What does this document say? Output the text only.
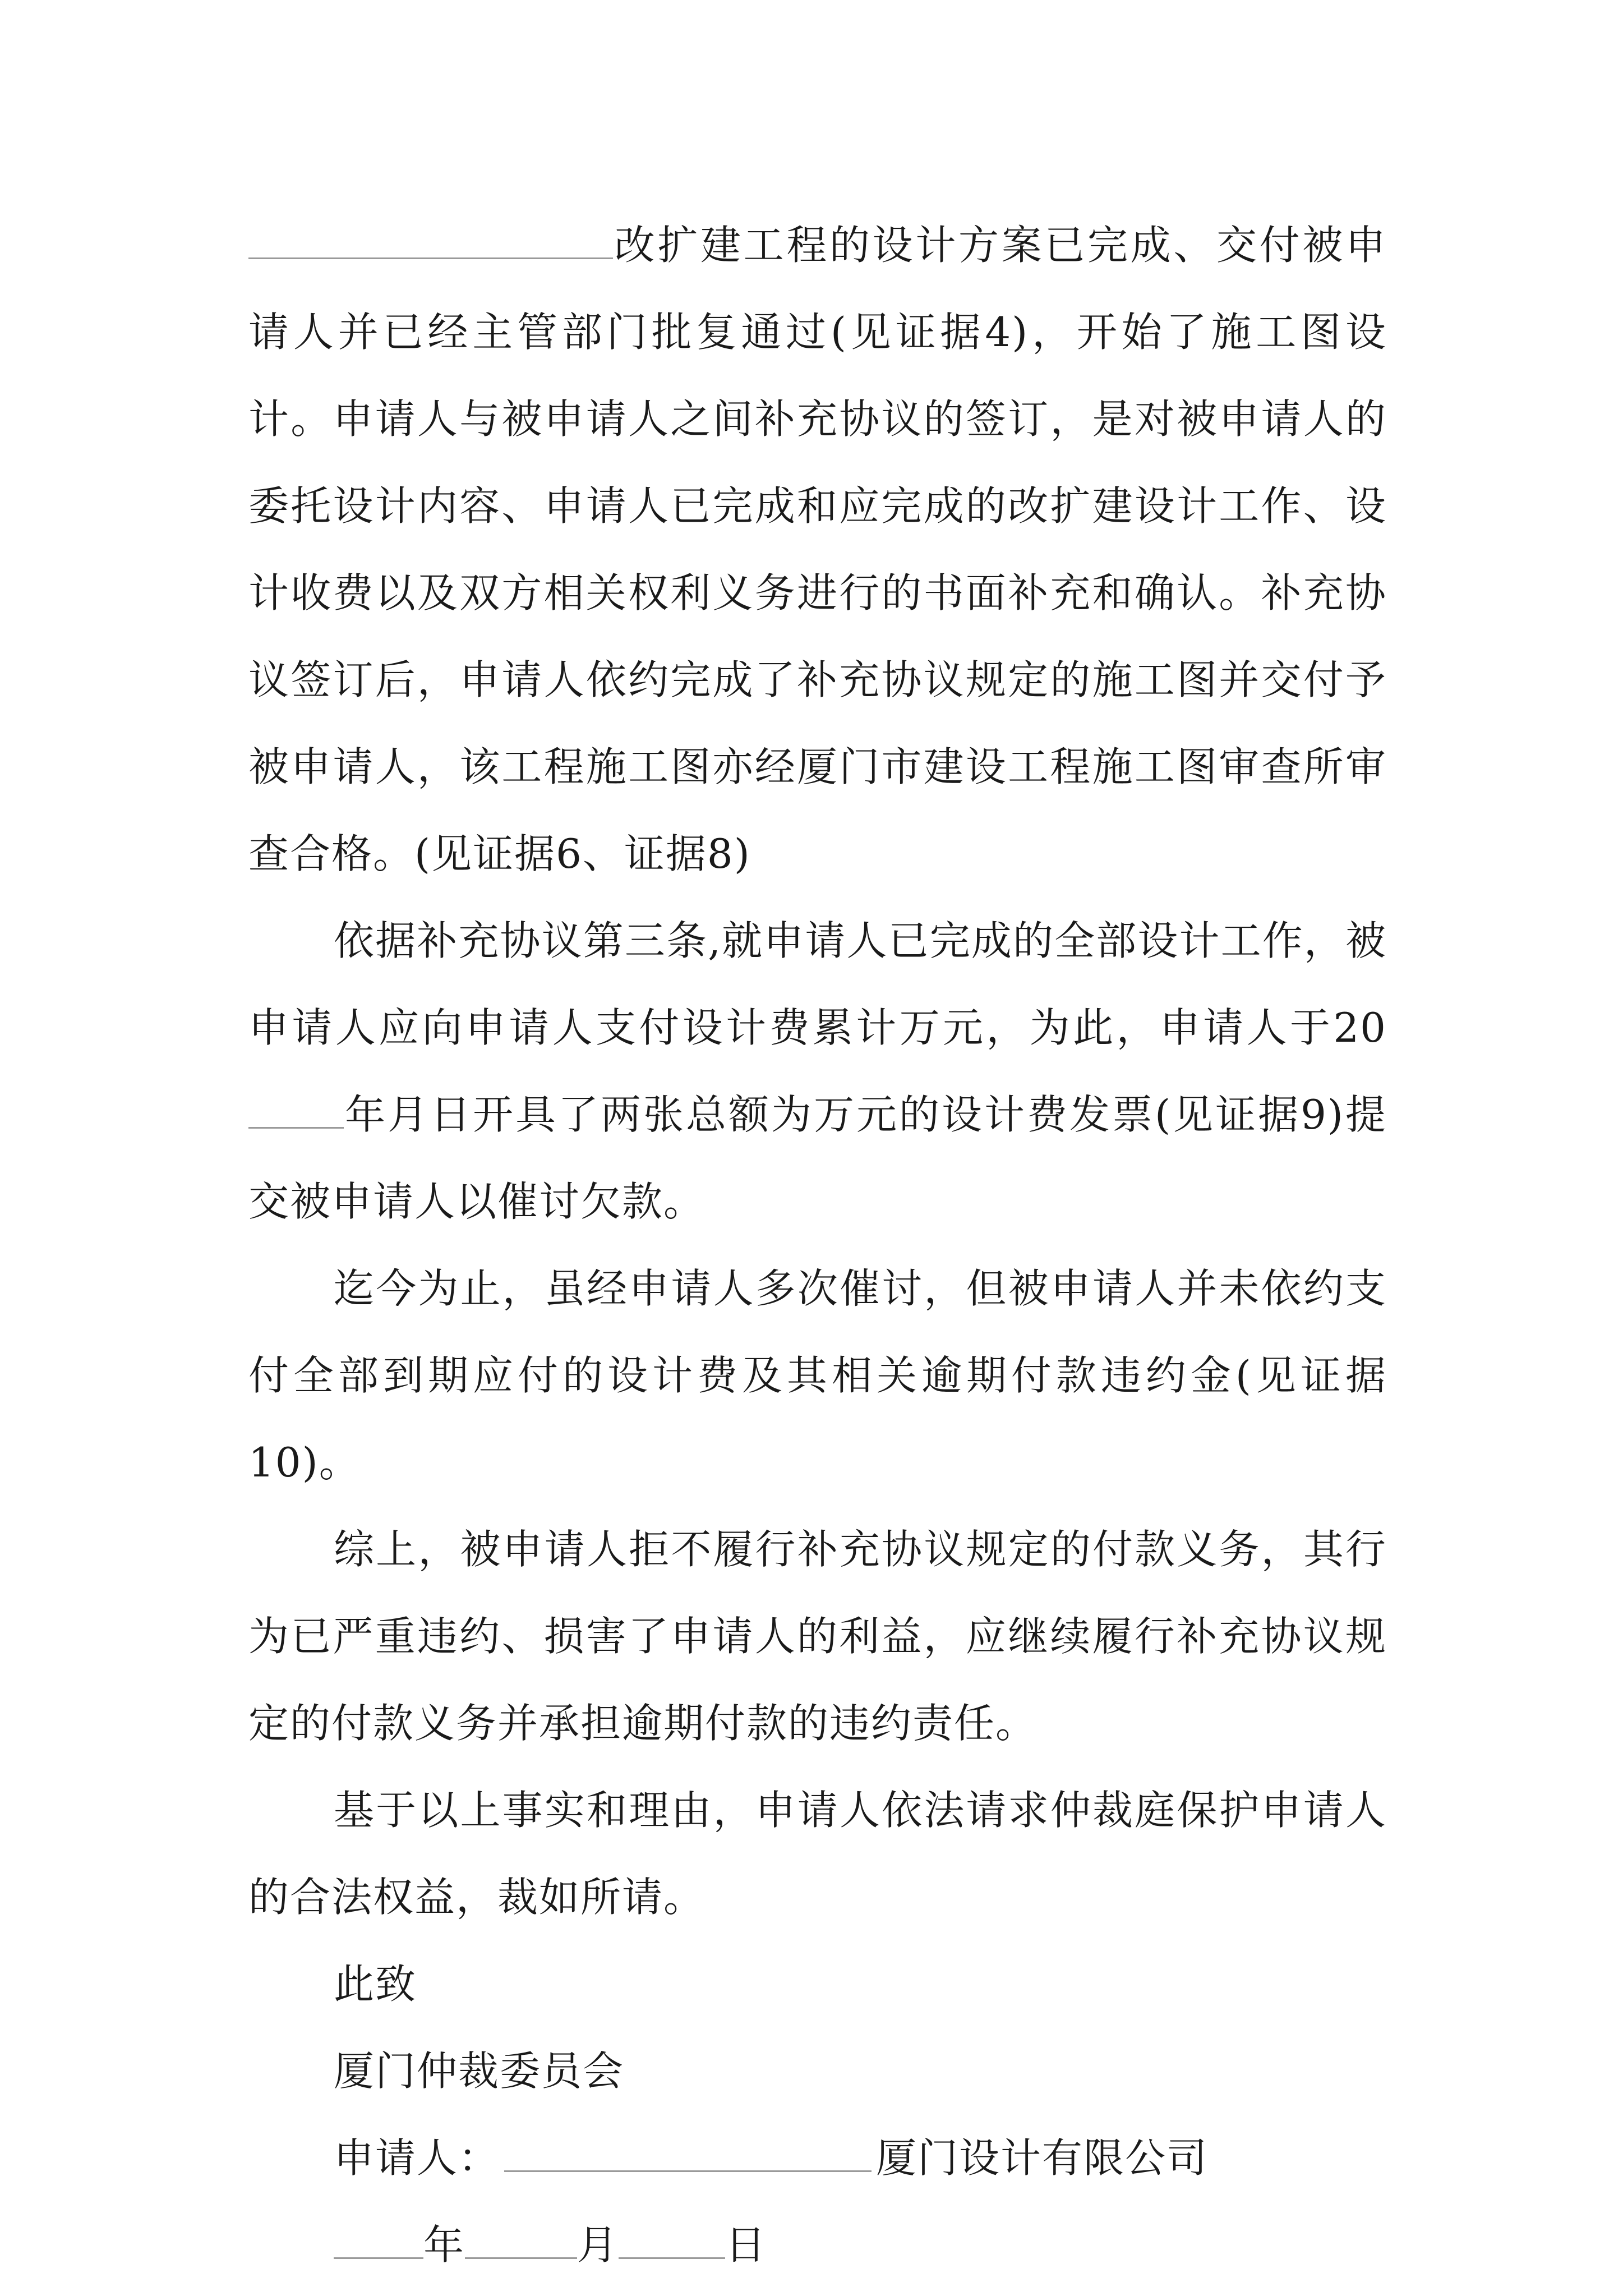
改扩建工程的设计方案已完成、交付被申请人并已经主管部门批复通过(见证据4)，开始了施工图设计。申请人与被申请人之间补充协议的签订，是对被申请人的委托设计内容、申请人已完成和应完成的改扩建设计工作、设计收费以及双方相关权利义务进行的书面补充和确认。补充协议签订后，申请人依约完成了补充协议规定的施工图并交付予被申请人，该工程施工图亦经厦门市建设工程施工图审查所审查合格。(见证据6、证据8)

依据补充协议第三条,就申请人已完成的全部设计工作，被申请人应向申请人支付设计费累计万元，为此，申请人于20年月日开具了两张总额为万元的设计费发票(见证据9)提交被申请人以催讨欠款。

迄今为止，虽经申请人多次催讨，但被申请人并未依约支付全部到期应付的设计费及其相关逾期付款违约金(见证据10)。

综上，被申请人拒不履行补充协议规定的付款义务，其行为已严重违约、损害了申请人的利益，应继续履行补充协议规定的付款义务并承担逾期付款的违约责任。

基于以上事实和理由，申请人依法请求仲裁庭保护申请人的合法权益，裁如所请。

此致

厦门仲裁委员会

申请人：	厦门设计有限公司

年	月	日
